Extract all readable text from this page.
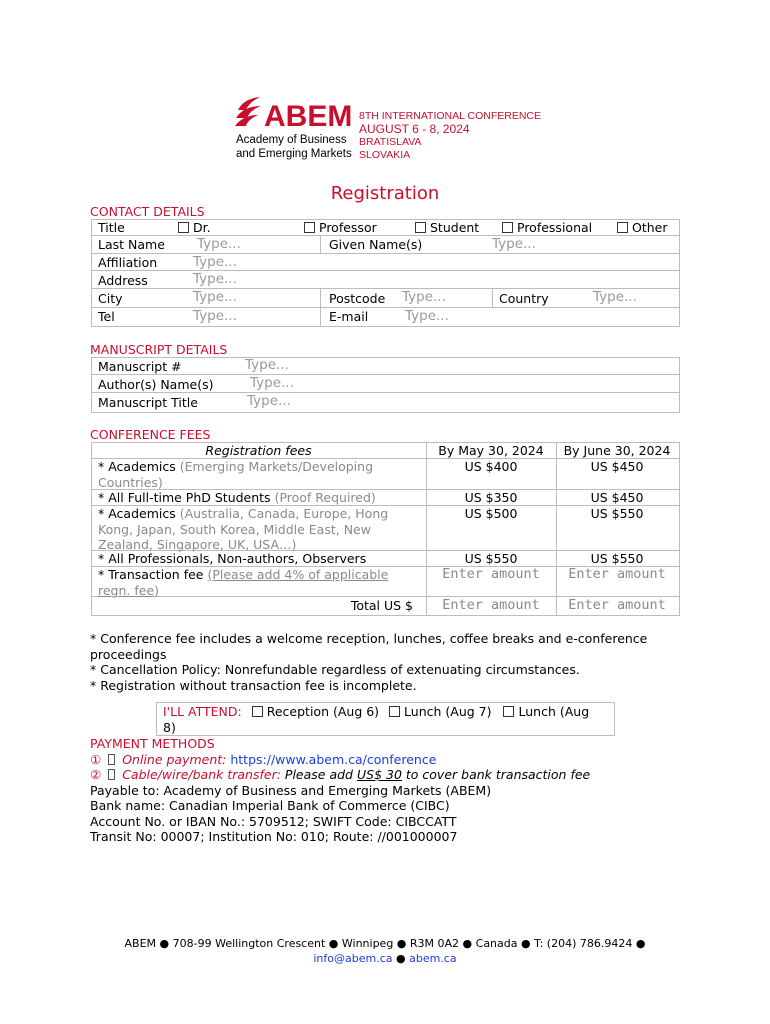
ABEM
Academy of Business
and Emerging Markets
8TH INTERNATIONAL CONFERENCE
AUGUST 6 - 8, 2024
BRATISLAVA
SLOVAKIA
Registration
CONTACT DETAILS
Title	Dr.	Professor	Student	Professional	Other
Last Name Type...	Given Name(s)	Type...
Affiliation	Type...
Address	Type...
City	Type...	Postcode Type...	Country	Type...
Tel	Type...	E-mail	Type...
MANUSCRIPT DETAILS
Manuscript #	Type...
Author(s) Name(s)	Type...
Manuscript Title	Type...
CONFERENCE FEES
Registration fees	By May 30, 2024	By June 30, 2024
* Academics (Emerging Markets/Developing
Countries)
US $400	US $450
* All Full-time PhD Students (Proof Required)	US $350	US $450
* Academics (Australia, Canada, Europe, Hong
Kong, Japan, South Korea, Middle East, New
Zealand, Singapore, UK, USA…)
US $500	US $550
* All Professionals, Non-authors, Observers	US $550	US $550
* Transaction fee (Please add 4% of applicable
regn. fee)
Enter amount	Enter amount
Total US $	Enter amount	Enter amount
* Conference fee includes a welcome reception, lunches, coffee breaks and e-conference
proceedings
* Cancellation Policy: Nonrefundable regardless of extenuating circumstances.
* Registration without transaction fee is incomplete.
I'LL ATTEND: Reception (Aug 6) Lunch (Aug 7) Lunch (Aug
8)
PAYMENT METHODS
① Online payment: https://www.abem.ca/conference
② Cable/wire/bank transfer: Please add US$ 30 to cover bank transaction fee
Payable to: Academy of Business and Emerging Markets (ABEM)
Bank name: Canadian Imperial Bank of Commerce (CIBC)
Account No. or IBAN No.: 5709512; SWIFT Code: CIBCCATT
Transit No: 00007; Institution No: 010; Route: //001000007
ABEM ● 708-99 Wellington Crescent ● Winnipeg ● R3M 0A2 ● Canada ● T: (204) 786.9424 ●
info@abem.ca ● abem.ca
